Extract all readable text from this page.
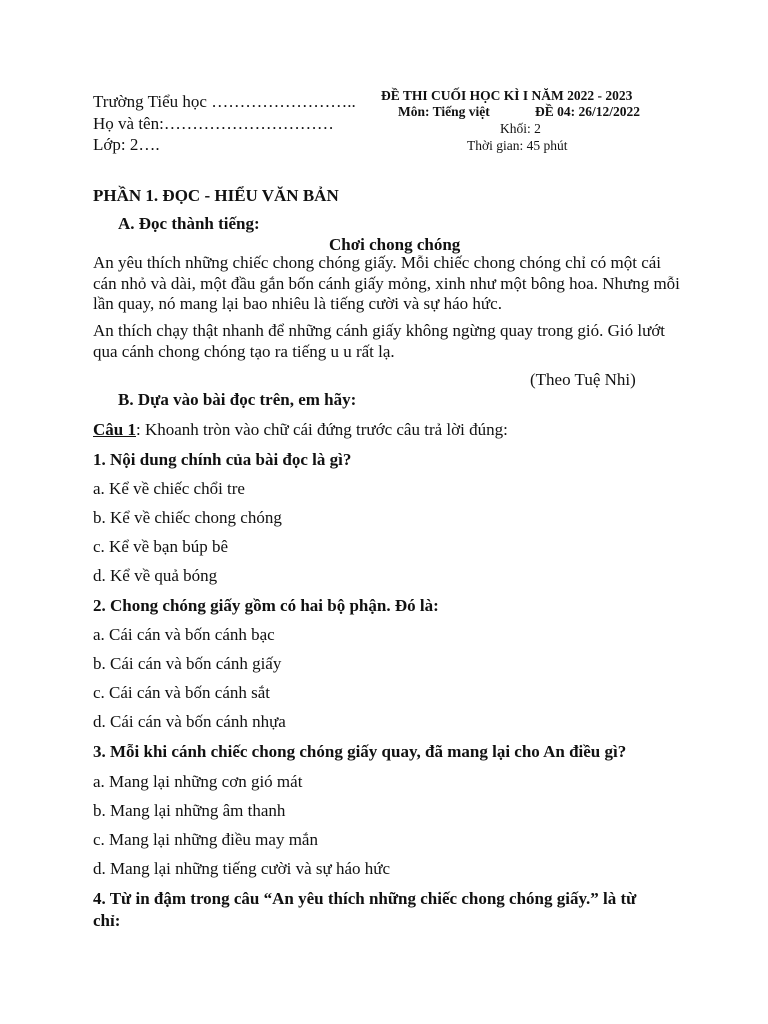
Trường Tiểu học ……………………..
Họ và tên:…………………………
Lớp: 2….
ĐỀ THI CUỐI HỌC KÌ I NĂM 2022 - 2023
Môn: Tiếng việt	ĐỀ 04: 26/12/2022
Khối: 2
Thời gian: 45 phút
PHẦN 1. ĐỌC - HIỂU VĂN BẢN
A. Đọc thành tiếng:
Chơi chong chóng
An yêu thích những chiếc chong chóng giấy. Mỗi chiếc chong chóng chỉ có một cái cán nhỏ và dài, một đầu gắn bốn cánh giấy mỏng, xinh như một bông hoa. Nhưng mỗi lần quay, nó mang lại bao nhiêu là tiếng cười và sự háo hức.
An thích chạy thật nhanh để những cánh giấy không ngừng quay trong gió. Gió lướt qua cánh chong chóng tạo ra tiếng u u rất lạ.
(Theo Tuệ Nhi)
B. Dựa vào bài đọc trên, em hãy:
Câu 1: Khoanh tròn vào chữ cái đứng trước câu trả lời đúng:
1. Nội dung chính của bài đọc là gì?
a. Kể về chiếc chổi tre
b. Kể về chiếc chong chóng
c. Kể về bạn búp bê
d. Kể về quả bóng
2. Chong chóng giấy gồm có hai bộ phận. Đó là:
a. Cái cán và bốn cánh bạc
b. Cái cán và bốn cánh giấy
c. Cái cán và bốn cánh sắt
d. Cái cán và bốn cánh nhựa
3. Mỗi khi cánh chiếc chong chóng giấy quay, đã mang lại cho An điều gì?
a. Mang lại những cơn gió mát
b. Mang lại những âm thanh
c. Mang lại những điều may mắn
d. Mang lại những tiếng cười và sự háo hức
4. Từ in đậm trong câu “An yêu thích những chiếc chong chóng giấy.” là từ
chỉ:
